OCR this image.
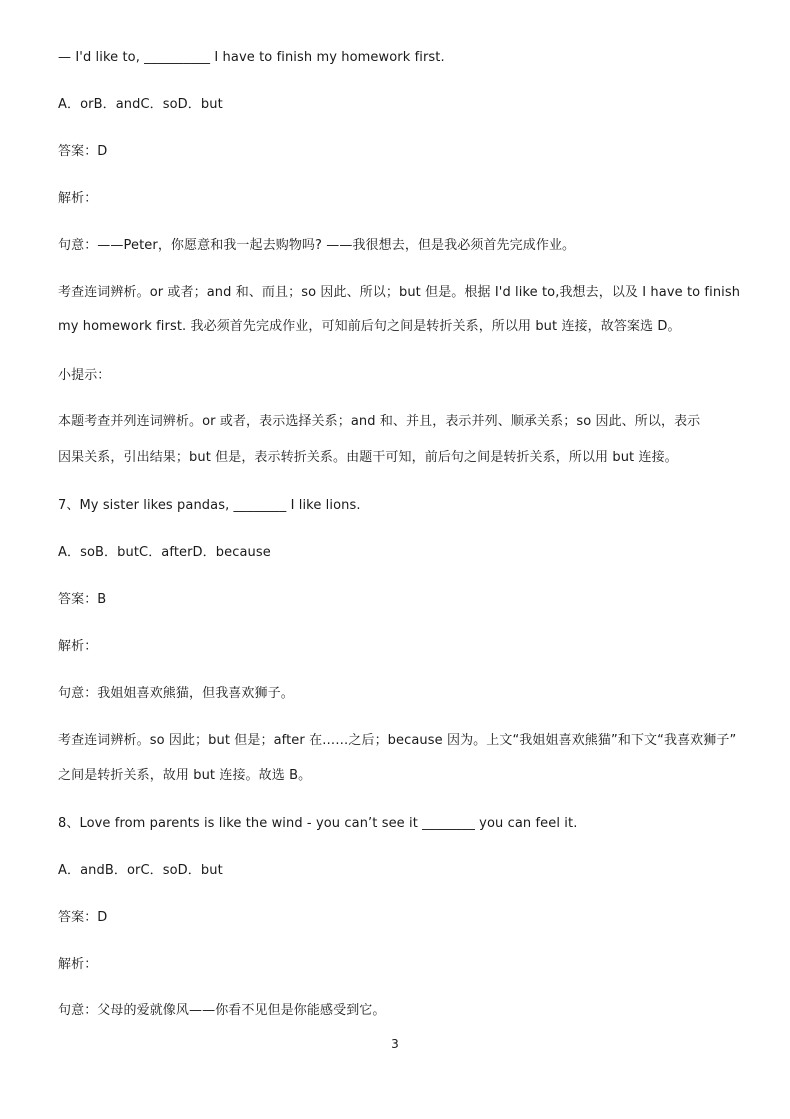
— I'd like to, __________ I have to finish my homework first.
A．orB．andC．soD．but
答案：D
解析：
句意：——Peter，你愿意和我一起去购物吗? ——我很想去，但是我必须首先完成作业。
考查连词辨析。or 或者；and 和、而且；so 因此、所以；but 但是。根据 I'd like to,我想去，以及 I have to finish
my homework first. 我必须首先完成作业，可知前后句之间是转折关系，所以用 but 连接，故答案选 D。
小提示：
本题考查并列连词辨析。or 或者，表示选择关系；and 和、并且，表示并列、顺承关系；so 因此、所以，表示
因果关系，引出结果；but 但是，表示转折关系。由题干可知，前后句之间是转折关系，所以用 but 连接。
7、My sister likes pandas, ________ I like lions.
A．soB．butC．afterD．because
答案：B
解析：
句意：我姐姐喜欢熊猫，但我喜欢狮子。
考查连词辨析。so 因此；but 但是；after 在……之后；because 因为。上文“我姐姐喜欢熊猫”和下文“我喜欢狮子”
之间是转折关系，故用 but 连接。故选 B。
8、Love from parents is like the wind - you can’t see it ________ you can feel it.
A．andB．orC．soD．but
答案：D
解析：
句意：父母的爱就像风——你看不见但是你能感受到它。
3
